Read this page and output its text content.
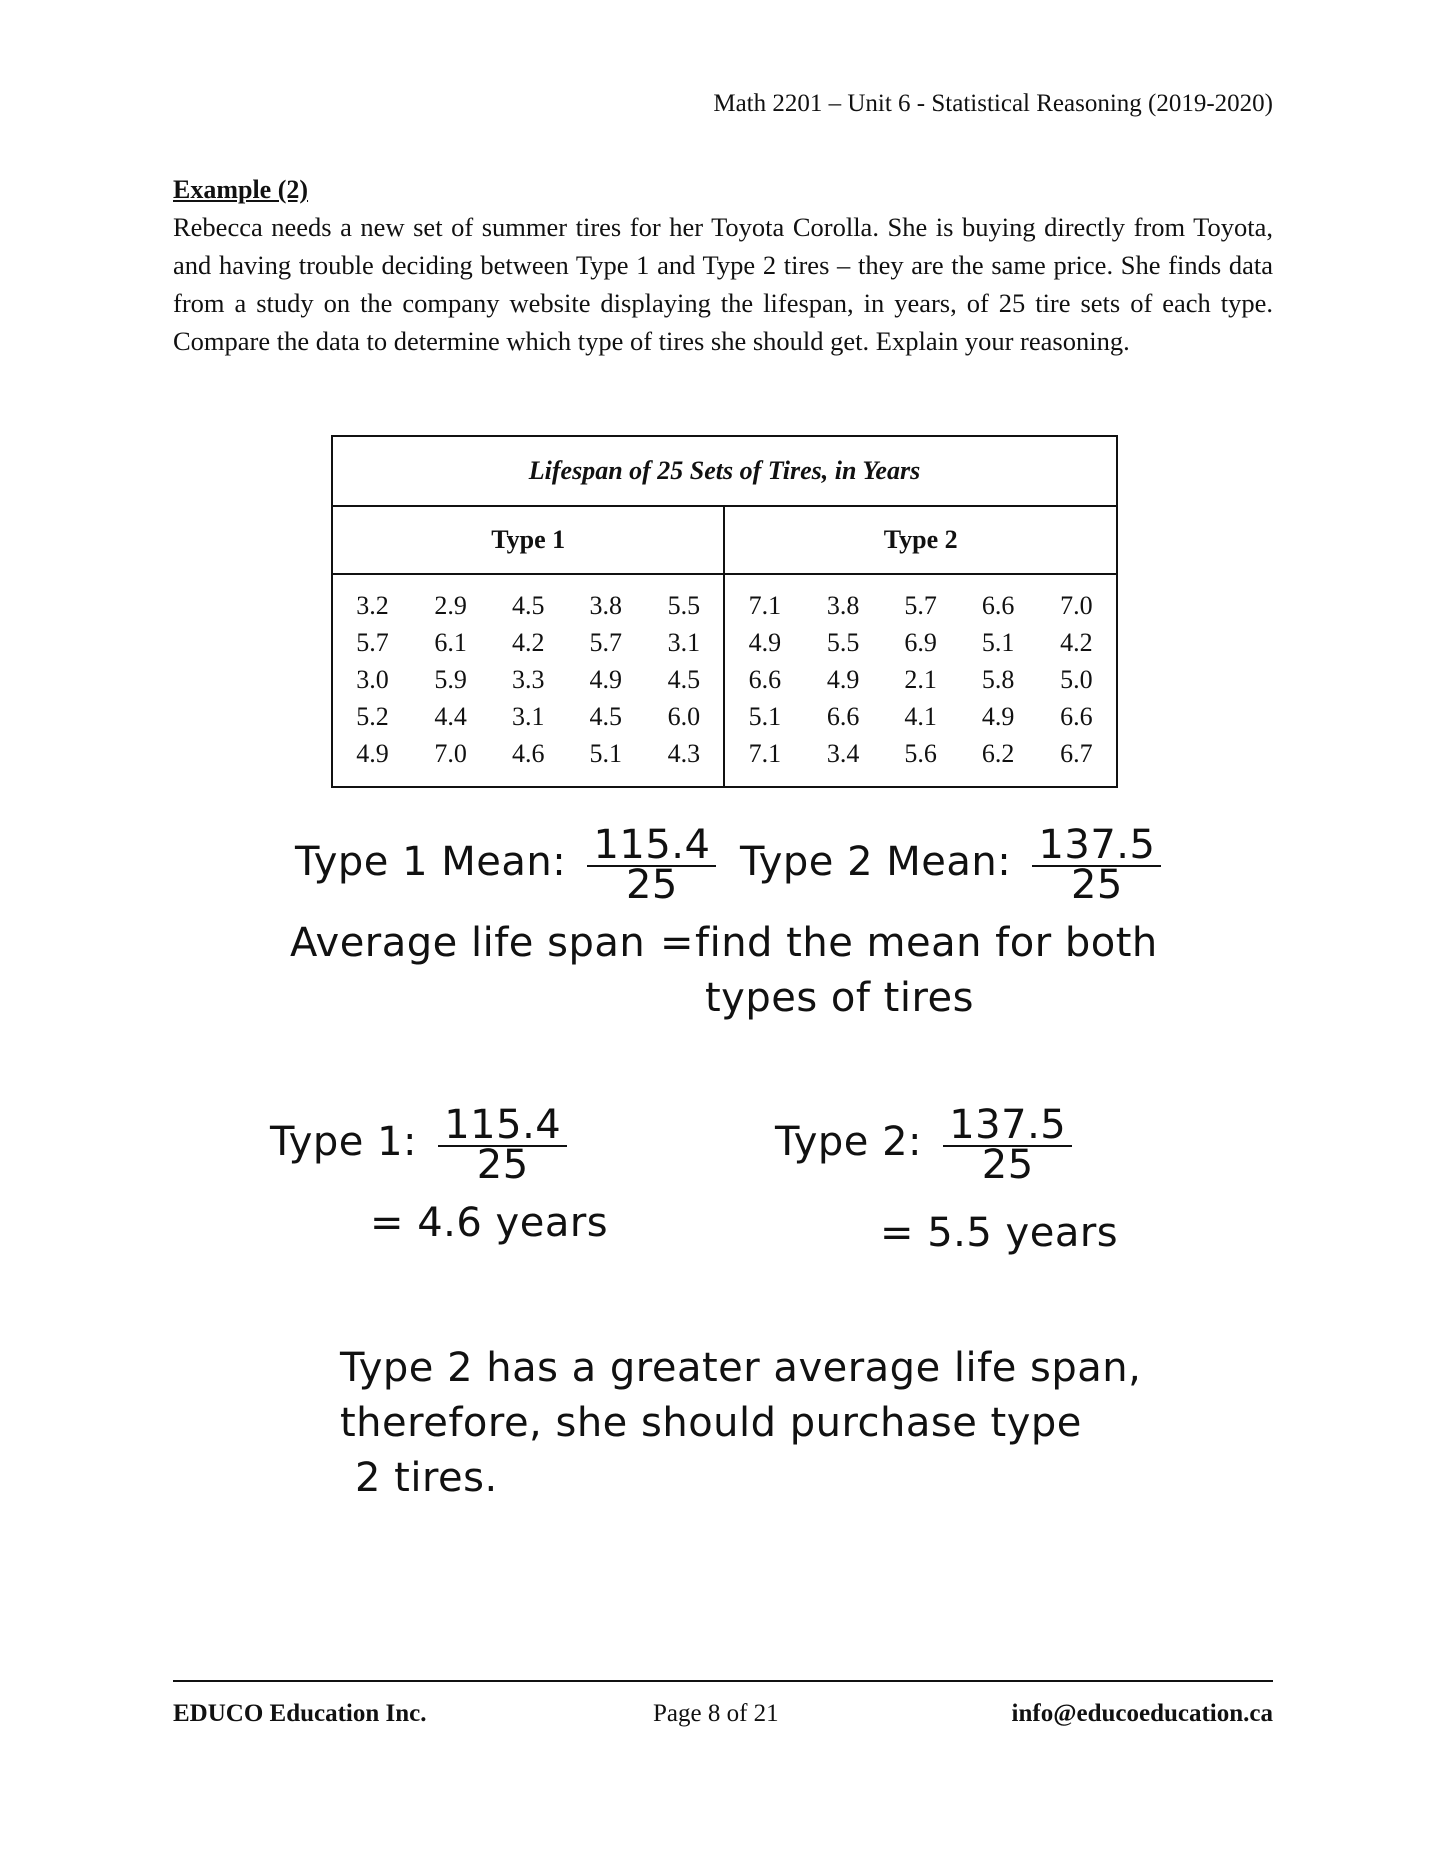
Math 2201 – Unit 6 - Statistical Reasoning (2019-2020)
Example (2)

Rebecca needs a new set of summer tires for her Toyota Corolla. She is buying directly from Toyota, and having trouble deciding between Type 1 and Type 2 tires – they are the same price. She finds data from a study on the company website displaying the lifespan, in years, of 25 tire sets of each type. Compare the data to determine which type of tires she should get. Explain your reasoning.

Lifespan of 25 Sets of Tires, in Years									
Type 1					Type 2				
3.2	2.9	4.5	3.8	5.5	7.1	3.8	5.7	6.6	7.0
5.7	6.1	4.2	5.7	3.1	4.9	5.5	6.9	5.1	4.2
3.0	5.9	3.3	4.9	4.5	6.6	4.9	2.1	5.8	5.0
5.2	4.4	3.1	4.5	6.0	5.1	6.6	4.1	4.9	6.6
4.9	7.0	4.6	5.1	4.3	7.1	3.4	5.6	6.2	6.7
Type 1 Mean: $\frac{115.4}{25}$ Type 2 Mean: $\frac{137.5}{25}$
Average life span = find the mean for both
types of tires
Type 1: $\frac{115.4}{25}$
= 4.6 years
Type 2: $\frac{137.5}{25}$
= 5.5 years
Type 2 has a greater average life span,
therefore, she should purchase type
2 tires.
EDUCO Education Inc.	Page 8 of 21	info@educoeducation.ca
